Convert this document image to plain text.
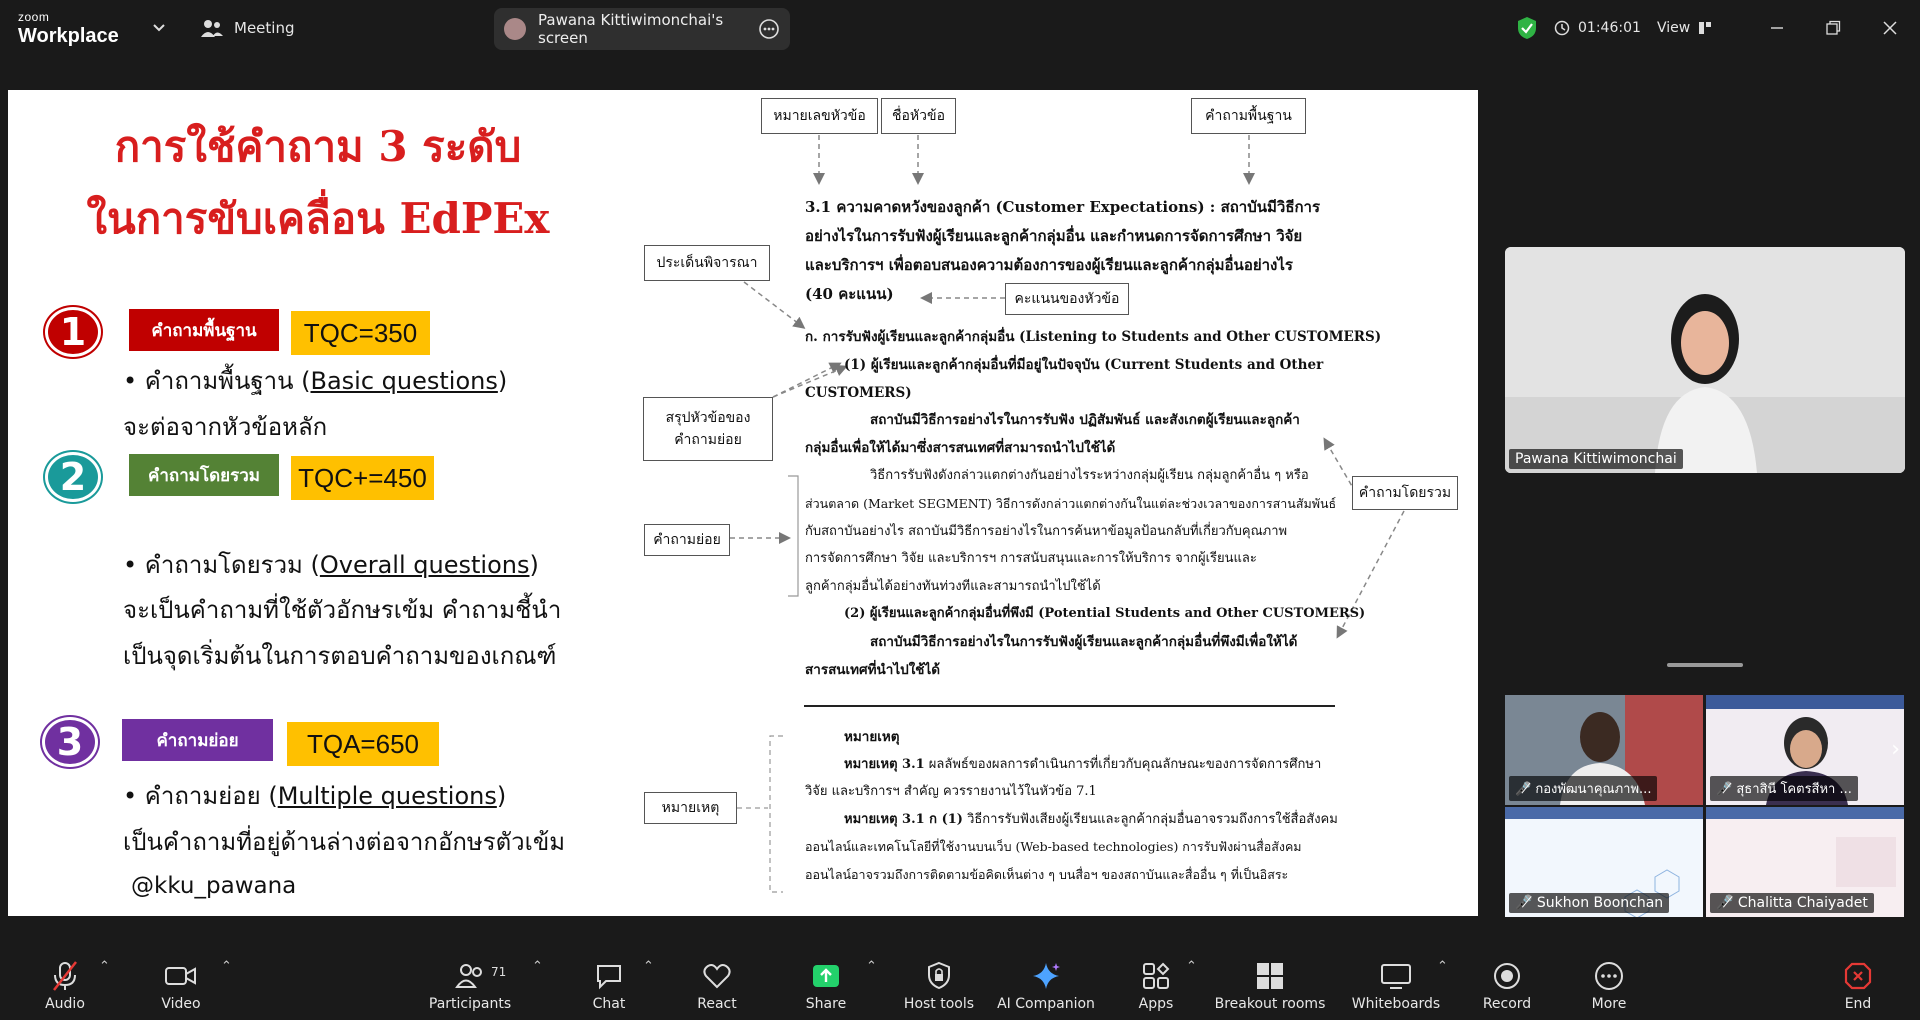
zoom
Workplace	Meeting	Pawana Kittiwimonchai's screen
01:46:01 View
การใช้คำถาม 3 ระดับ
ในการขับเคลื่อน EdPEx
1	คำถามพื้นฐาน	TQC=350
• คำถามพื้นฐาน (Basic questions)
จะต่อจากหัวข้อหลัก
2	คำถามโดยรวม	TQC+=450
• คำถามโดยรวม (Overall questions)
จะเป็นคำถามที่ใช้ตัวอักษรเข้ม คำถามชี้นำ
เป็นจุดเริ่มต้นในการตอบคำถามของเกณฑ์
3	คำถามย่อย	TQA=650
• คำถามย่อย (Multiple questions)
เป็นคำถามที่อยู่ด้านล่างต่อจากอักษรตัวเข้ม
@kku_pawana
หมายเลขหัวข้อ	ชื่อหัวข้อ	คำถามพื้นฐาน
ประเด็นพิจารณา
คะแนนของหัวข้อ
สรุปหัวข้อของ
คำถามย่อย
คำถามย่อย
คำถามโดยรวม
หมายเหตุ
3.1 ความคาดหวังของลูกค้า (Customer Expectations) : สถาบันมีวิธีการ
อย่างไรในการรับฟังผู้เรียนและลูกค้ากลุ่มอื่น และกำหนดการจัดการศึกษา วิจัย
และบริการฯ เพื่อตอบสนองความต้องการของผู้เรียนและลูกค้ากลุ่มอื่นอย่างไร
(40 คะแนน)
ก. การรับฟังผู้เรียนและลูกค้ากลุ่มอื่น (Listening to Students and Other CUSTOMERS)
(1) ผู้เรียนและลูกค้ากลุ่มอื่นที่มีอยู่ในปัจจุบัน (Current Students and Other
CUSTOMERS)
สถาบันมีวิธีการอย่างไรในการรับฟัง ปฏิสัมพันธ์ และสังเกตผู้เรียนและลูกค้า
กลุ่มอื่นเพื่อให้ได้มาซึ่งสารสนเทศที่สามารถนำไปใช้ได้
วิธีการรับฟังดังกล่าวแตกต่างกันอย่างไรระหว่างกลุ่มผู้เรียน กลุ่มลูกค้าอื่น ๆ หรือ
ส่วนตลาด (Market SEGMENT) วิธีการดังกล่าวแตกต่างกันในแต่ละช่วงเวลาของการสานสัมพันธ์
กับสถาบันอย่างไร สถาบันมีวิธีการอย่างไรในการค้นหาข้อมูลป้อนกลับที่เกี่ยวกับคุณภาพ
การจัดการศึกษา วิจัย และบริการฯ การสนับสนุนและการให้บริการ จากผู้เรียนและ
ลูกค้ากลุ่มอื่นได้อย่างทันท่วงทีและสามารถนำไปใช้ได้
(2) ผู้เรียนและลูกค้ากลุ่มอื่นที่พึงมี (Potential Students and Other CUSTOMERS)
สถาบันมีวิธีการอย่างไรในการรับฟังผู้เรียนและลูกค้ากลุ่มอื่นที่พึงมีเพื่อให้ได้
สารสนเทศที่นำไปใช้ได้
หมายเหตุ
หมายเหตุ 3.1 ผลลัพธ์ของผลการดำเนินการที่เกี่ยวกับคุณลักษณะของการจัดการศึกษา
วิจัย และบริการฯ สำคัญ ควรรายงานไว้ในหัวข้อ 7.1
หมายเหตุ 3.1 ก (1) วิธีการรับฟังเสียงผู้เรียนและลูกค้ากลุ่มอื่นอาจรวมถึงการใช้สื่อสังคม
ออนไลน์และเทคโนโลยีที่ใช้งานบนเว็บ (Web-based technologies) การรับฟังผ่านสื่อสังคม
ออนไลน์อาจรวมถึงการติดตามข้อคิดเห็นต่าง ๆ บนสื่อฯ ของสถาบันและสื่ออื่น ๆ ที่เป็นอิสระ
Pawana Kittiwimonchai
🎤̸ กองพัฒนาคุณภาพ...	🎤̸ สุธาสินี โคตรสีหา ...
›
🎤̸ Sukhon Boonchan	🎤̸ Chalitta Chaiyadet
Audio
⌃
Video
⌃
Participants
71 ⌃
Chat
⌃
React	Share
⌃
Host tools AI Companion	Apps
⌃
Breakout rooms Whiteboards
⌃
Record	More	End
